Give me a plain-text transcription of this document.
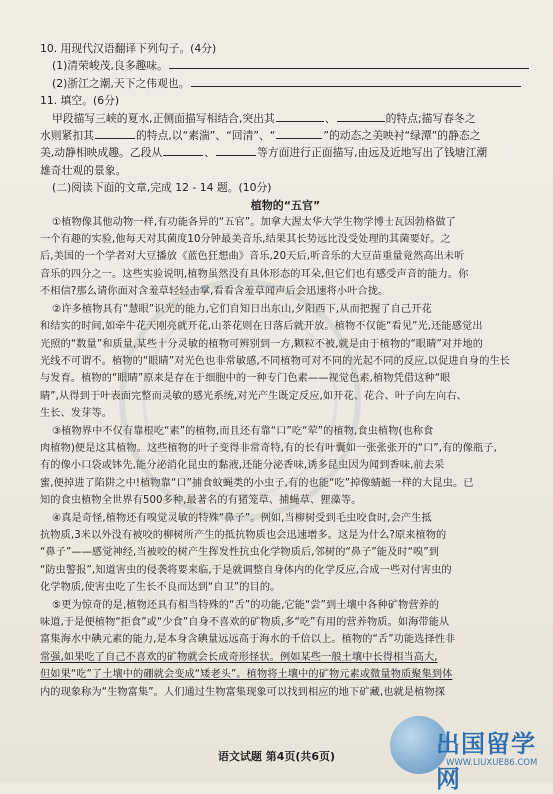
10. 用现代汉语翻译下列句子。(4分)
(1)清荣峻茂,良多趣味。
(2)浙江之潮,天下之伟观也。
11. 填空。(6分)
甲段描写三峡的夏水,正侧面描写相结合,突出其	、	的特点;描写春冬之
水则紧扣其	的特点,以“素湍”、“回清”、“	”的动态之美映衬“绿潭”的静态之
美,动静相映成趣。乙段从	、	等方面进行正面描写,由远及近地写出了钱塘江潮
雄奇壮观的景象。
(二)阅读下面的文章,完成 12 - 14 题。(10分)
植物的“五官”
①植物像其他动物一样,有功能各异的“五官”。加拿大渥太华大学生物学博士瓦因勃格做了
一个有趣的实验,他每天对其菌度10分钟最美音乐,结果其长势远比没受处理的其菌要好。之
后,美国的一个学者对大豆播放《蓝色狂想曲》音乐,20天后,听音乐的大豆苗重量竟然高出未听
音乐的四分之一。这些实验说明,植物虽然没有具体形态的耳朵,但它们也有感受声音的能力。你
不相信?那么请你面对含羞草轻轻击掌,看看含羞草闻声后会迅速将小叶合拢。
②许多植物具有“慧眼”识光的能力,它们自知日出东山,夕阳西下,从而把握了自己开花
和结实的时间,如牵牛花天刚亮就开花,山茶花则在日落后就开放。植物不仅能“看见”光,还能感觉出
光照的“数量”和质量,某些十分灵敏的植物可辨别到一方,颗粒不被,就是由于植物的“眼睛”对并地的
光线不可谓不。植物的“眼睛”对光色也非常敏感,不同植物可对不同的光起不同的反应,以促进自身的生长
与发育。植物的“眼睛”原来是存在于细胞中的一种专门色素——视觉色素,植物凭借这种“眼
睛”,从得到于叶表面完整而灵敏的感光系统,对光产生既定反应,如开花、花合、叶子向左向右、
生长、发芽等。
③植物界中不仅有靠根吃“素”的植物,而且还有靠“口”吃“荤”的植物,食虫植物(也称食
肉植物)便是这其植物。这些植物的叶子变得非常奇特,有的长有叶囊如一张张张开的“口”,有的像瓶子,
有的像小口袋或钵先,能分泌消化昆虫的黏液,还能分泌香味,诱多昆虫因为闻到香味,前去采
蜜,便掉进了陷阱之中!植物靠“口”捕食蚊蝇类的小虫子,有的也能“吃”掉像蜻蜓一样的大昆虫。已
知的食虫植物全世界有500多种,最著名的有猪笼草、捕蝇草、狸藻等。
④真是奇怪,植物还有嗅觉灵敏的特殊“鼻子”。例如,当柳树受到毛虫咬食时,会产生抵
抗物质,3米以外没有被咬的柳树所产生的抵抗物质也会迅速增多。这是为什么?原来植物的
“鼻子”——感觉神经,当被咬的树产生挥发性抗虫化学物质后,邻树的“鼻子”能及时“嗅”到
“防虫警报”,知道害虫的侵袭将要来临,于是就调整自身体内的化学反应,合成一些对付害虫的
化学物质,使害虫吃了生长不良而达到“自卫”的目的。
⑤更为惊奇的是,植物还具有相当特殊的“舌”的功能,它能“尝”到土壤中各种矿物营养的
味道,于是便植物“拒食”或“少食”自身不喜欢的矿物质,多“吃”有用的营养物质。如海带能从
富集海水中碘元素的能力,是本身含碘量远远高于海水的千倍以上。植物的“舌”功能选择性非
常强,如果吃了自己不喜欢的矿物就会长成奇形怪状。例如某些一般土壤中长得相当高大,
但如果“吃”了土壤中的硼就会变成“矮老头”。植物将土壤中的矿物元素或微量物质聚集到体
内的现象称为“生物富集”。人们通过生物富集现象可以找到相应的地下矿藏,也就是植物探
语文试题 第4页(共6页)	出国留学网
WWW.LIUXUE86.COM
